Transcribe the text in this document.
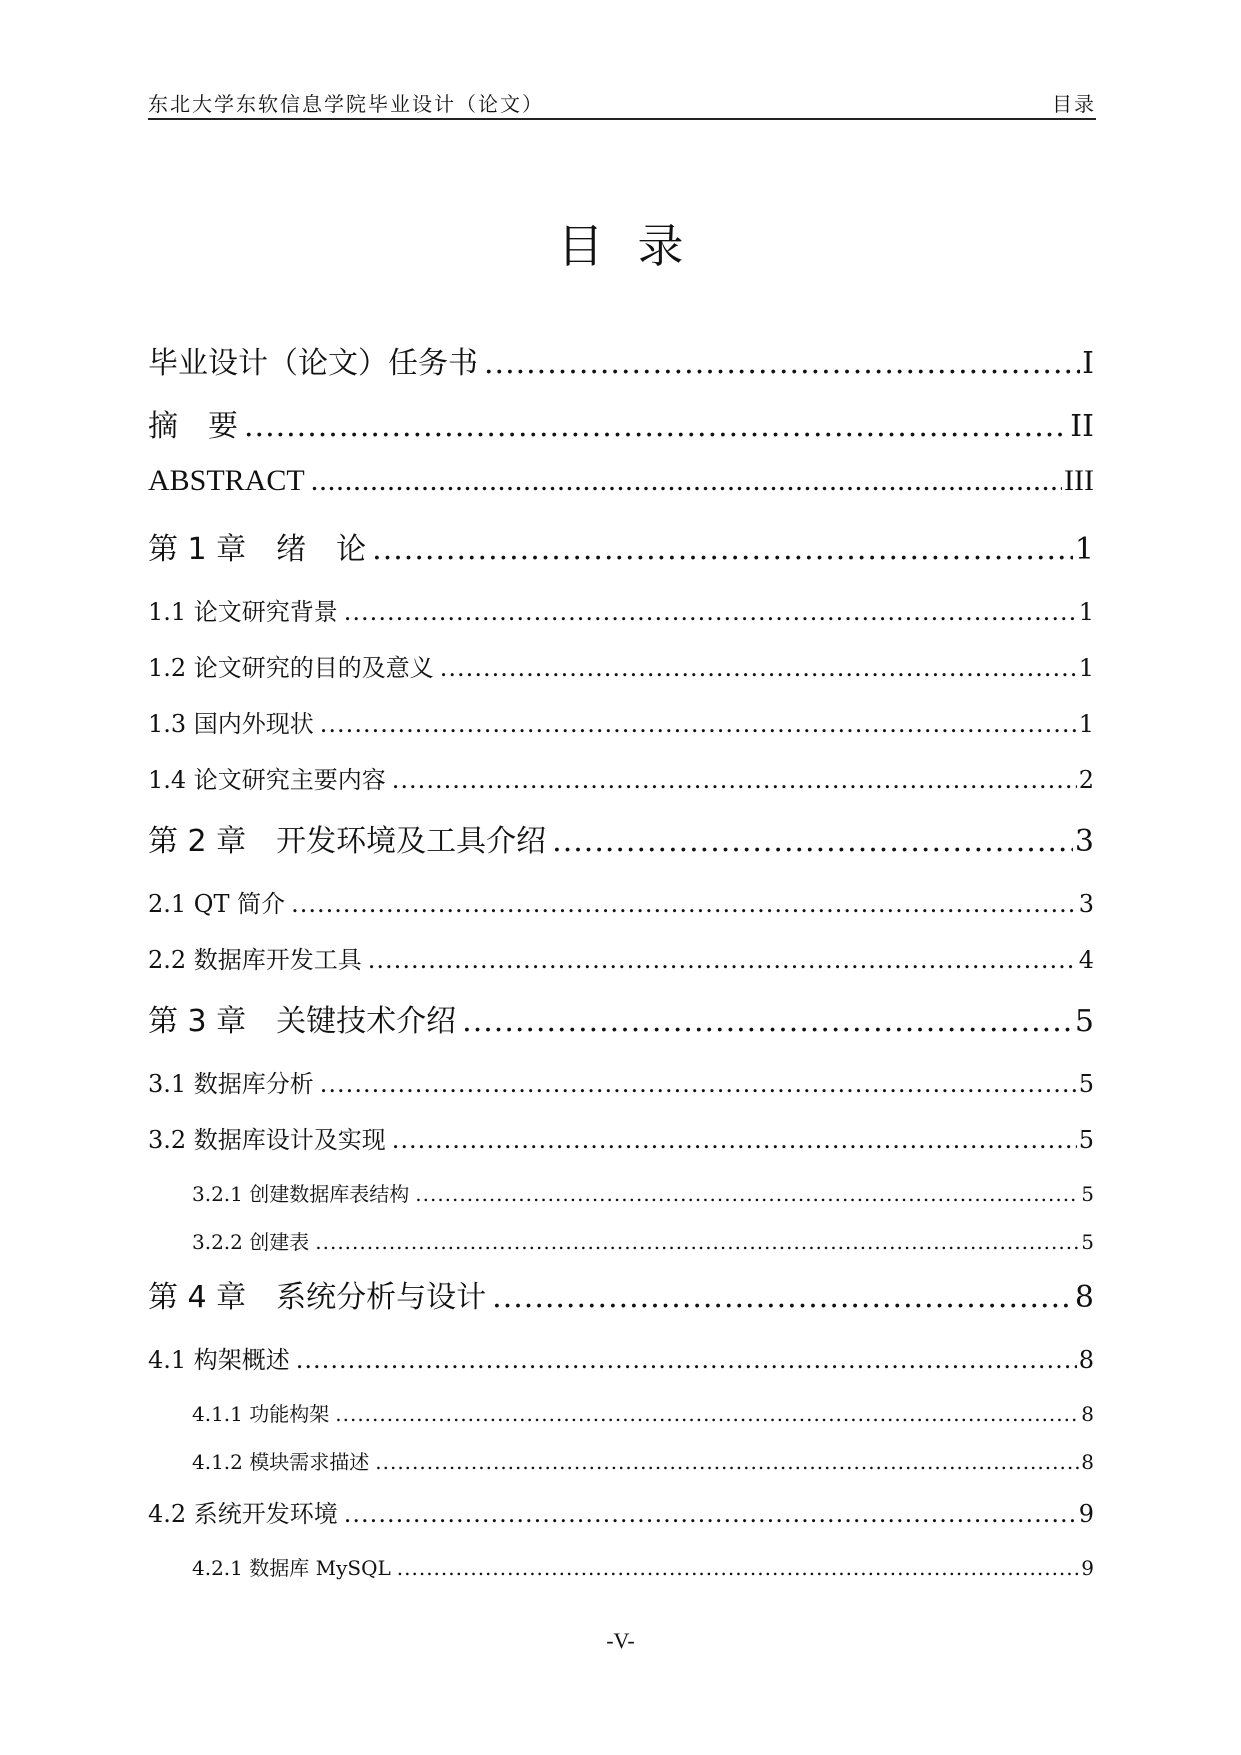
东北大学东软信息学院毕业设计（论文）	目录
目录
毕业设计（论文）任务书 .....	I
摘　要 .....	II
ABSTRACT .....	III
第 1 章　绪　论 .....	1
1.1 论文研究背景 .....	1
1.2 论文研究的目的及意义 .....	1
1.3 国内外现状 .....	1
1.4 论文研究主要内容 .....	2
第 2 章　开发环境及工具介绍 .....	3
2.1 QT 简介 .....	3
2.2 数据库开发工具 .....	4
第 3 章　关键技术介绍 .....	5
3.1 数据库分析 .....	5
3.2 数据库设计及实现 .....	5
3.2.1 创建数据库表结构 .....	5
3.2.2 创建表 .....	5
第 4 章　系统分析与设计 .....	8
4.1 构架概述 .....	8
4.1.1 功能构架 .....	8
4.1.2 模块需求描述 .....	8
4.2 系统开发环境 .....	9
4.2.1 数据库 MySQL .....	9
-V-
